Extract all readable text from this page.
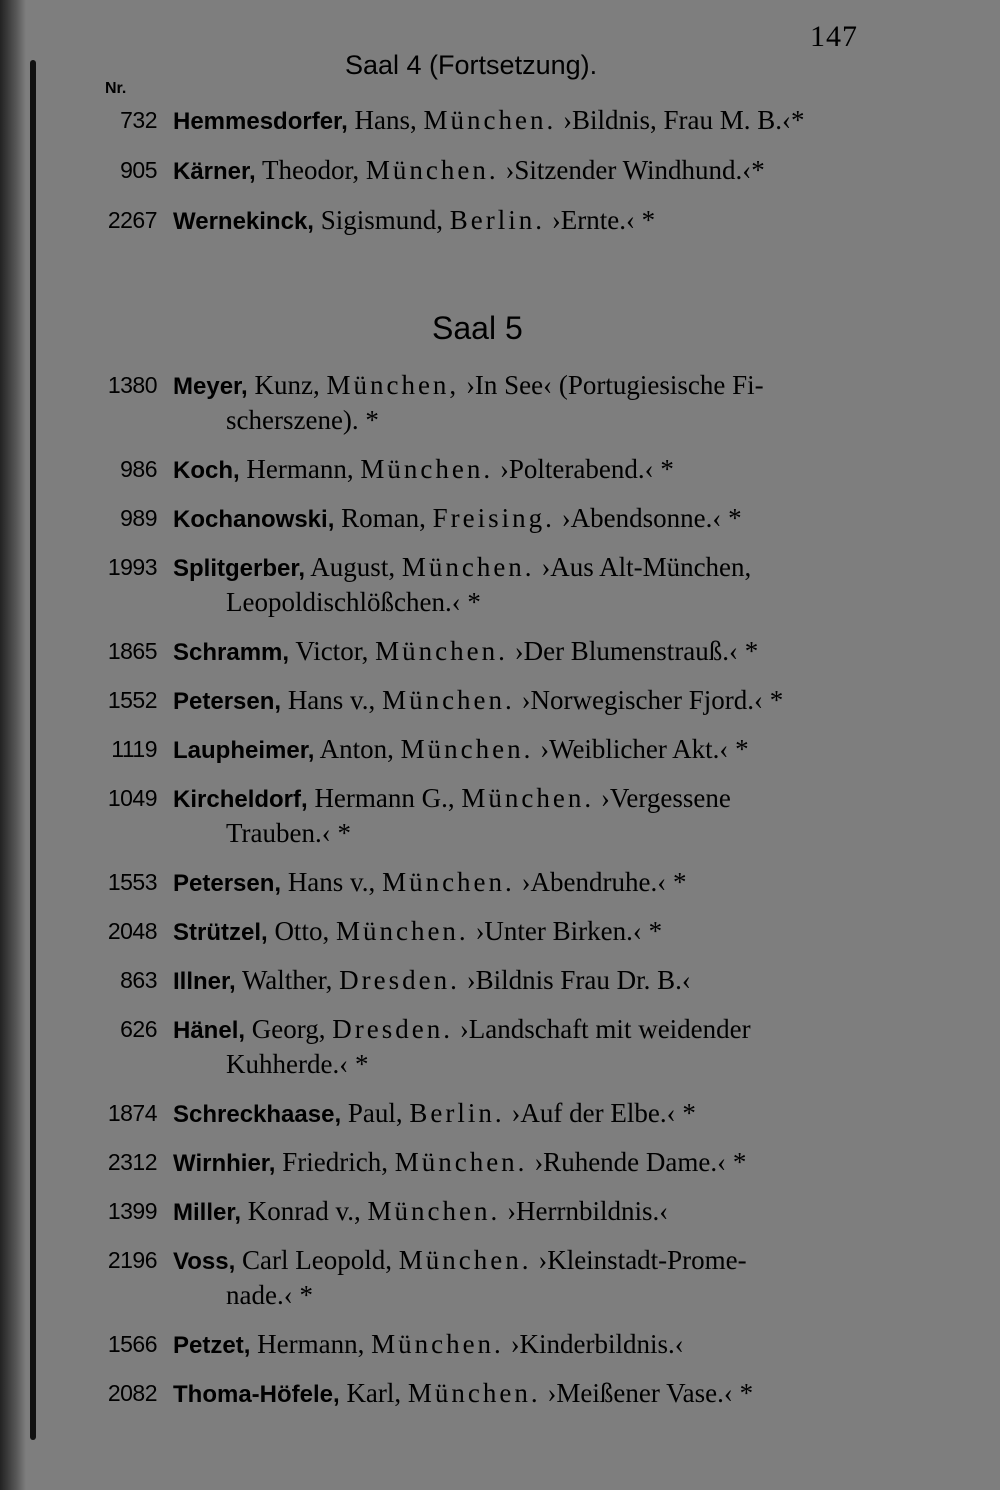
147
Saal 4 (Fortsetzung).
Nr.
732 Hemmesdorfer, Hans, München. ›Bildnis, Frau M. B.‹*
905 Kärner, Theodor, München. ›Sitzender Windhund.‹*
2267 Wernekinck, Sigismund, Berlin. ›Ernte.‹ *
Saal 5
1380 Meyer, Kunz, München, ›In See‹ (Portugiesische Fi-
scherszene). *
986 Koch, Hermann, München. ›Polterabend.‹ *
989 Kochanowski, Roman, Freising. ›Abendsonne.‹ *
1993 Splitgerber, August, München. ›Aus Alt-München,
Leopoldischlößchen.‹ *
1865 Schramm, Victor, München. ›Der Blumenstrauß.‹ *
1552 Petersen, Hans v., München. ›Norwegischer Fjord.‹ *
1119 Laupheimer, Anton, München. ›Weiblicher Akt.‹ *
1049 Kircheldorf, Hermann G., München. ›Vergessene
Trauben.‹ *
1553 Petersen, Hans v., München. ›Abendruhe.‹ *
2048 Strützel, Otto, München. ›Unter Birken.‹ *
863 Illner, Walther, Dresden. ›Bildnis Frau Dr. B.‹
626 Hänel, Georg, Dresden. ›Landschaft mit weidender
Kuhherde.‹ *
1874 Schreckhaase, Paul, Berlin. ›Auf der Elbe.‹ *
2312 Wirnhier, Friedrich, München. ›Ruhende Dame.‹ *
1399 Miller, Konrad v., München. ›Herrnbildnis.‹
2196 Voss, Carl Leopold, München. ›Kleinstadt-Prome-
nade.‹ *
1566 Petzet, Hermann, München. ›Kinderbildnis.‹
2082 Thoma-Höfele, Karl, München. ›Meißener Vase.‹ *
